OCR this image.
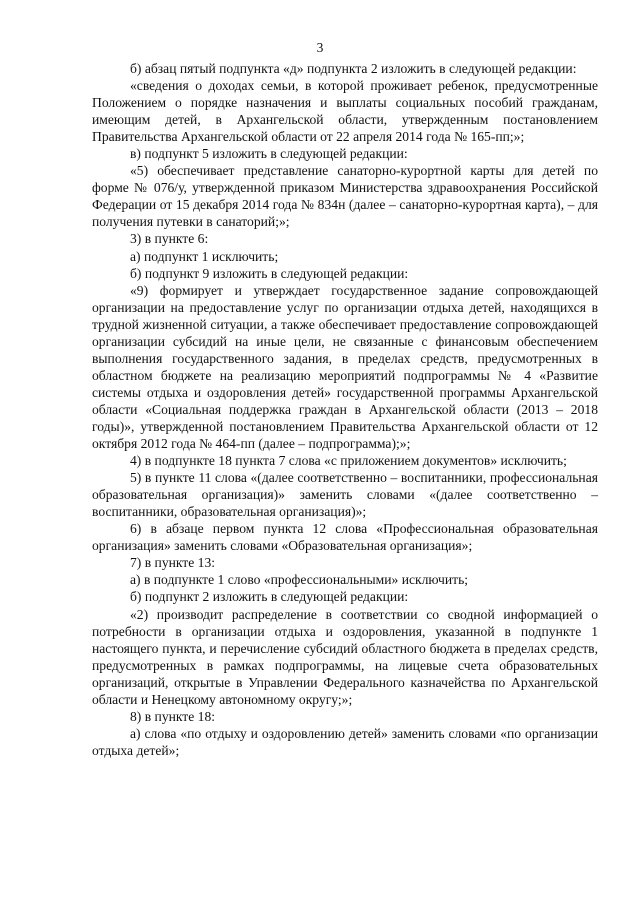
3

б) абзац пятый подпункта «д» подпункта 2 изложить в следующей редакции:

«сведения о доходах семьи, в которой проживает ребенок, предусмотренные Положением о порядке назначения и выплаты социальных пособий гражданам, имеющим детей, в Архангельской области, утвержденным постановлением Правительства Архангельской области от 22 апреля 2014 года № 165-пп;»;

в) подпункт 5 изложить в следующей редакции:

«5) обеспечивает представление санаторно-курортной карты для детей по форме № 076/у, утвержденной приказом Министерства здравоохранения Российской Федерации от 15 декабря 2014 года № 834н (далее – санаторно-курортная карта), – для получения путевки в санаторий;»;

3) в пункте 6:

а) подпункт 1 исключить;

б) подпункт 9 изложить в следующей редакции:

«9) формирует и утверждает государственное задание сопровождающей организации на предоставление услуг по организации отдыха детей, находящихся в трудной жизненной ситуации, а также обеспечивает предоставление сопровождающей организации субсидий на иные цели, не связанные с финансовым обеспечением выполнения государственного задания, в пределах средств, предусмотренных в областном бюджете на реализацию мероприятий подпрограммы № 4 «Развитие системы отдыха и оздоровления детей» государственной программы Архангельской области «Социальная поддержка граждан в Архангельской области (2013 – 2018 годы)», утвержденной постановлением Правительства Архангельской области от 12 октября 2012 года № 464-пп (далее – подпрограмма);»;

4) в подпункте 18 пункта 7 слова «с приложением документов» исключить;

5) в пункте 11 слова «(далее соответственно – воспитанники, профессиональная образовательная организация)» заменить словами «(далее соответственно – воспитанники, образовательная организация)»;

6) в абзаце первом пункта 12 слова «Профессиональная образовательная организация» заменить словами «Образовательная организация»;

7) в пункте 13:

а) в подпункте 1 слово «профессиональными» исключить;

б) подпункт 2 изложить в следующей редакции:

«2) производит распределение в соответствии со сводной информацией о потребности в организации отдыха и оздоровления, указанной в подпункте 1 настоящего пункта, и перечисление субсидий областного бюджета в пределах средств, предусмотренных в рамках подпрограммы, на лицевые счета образовательных организаций, открытые в Управлении Федерального казначейства по Архангельской области и Ненецкому автономному округу;»;

8) в пункте 18:

а) слова «по отдыху и оздоровлению детей» заменить словами «по организации отдыха детей»;
